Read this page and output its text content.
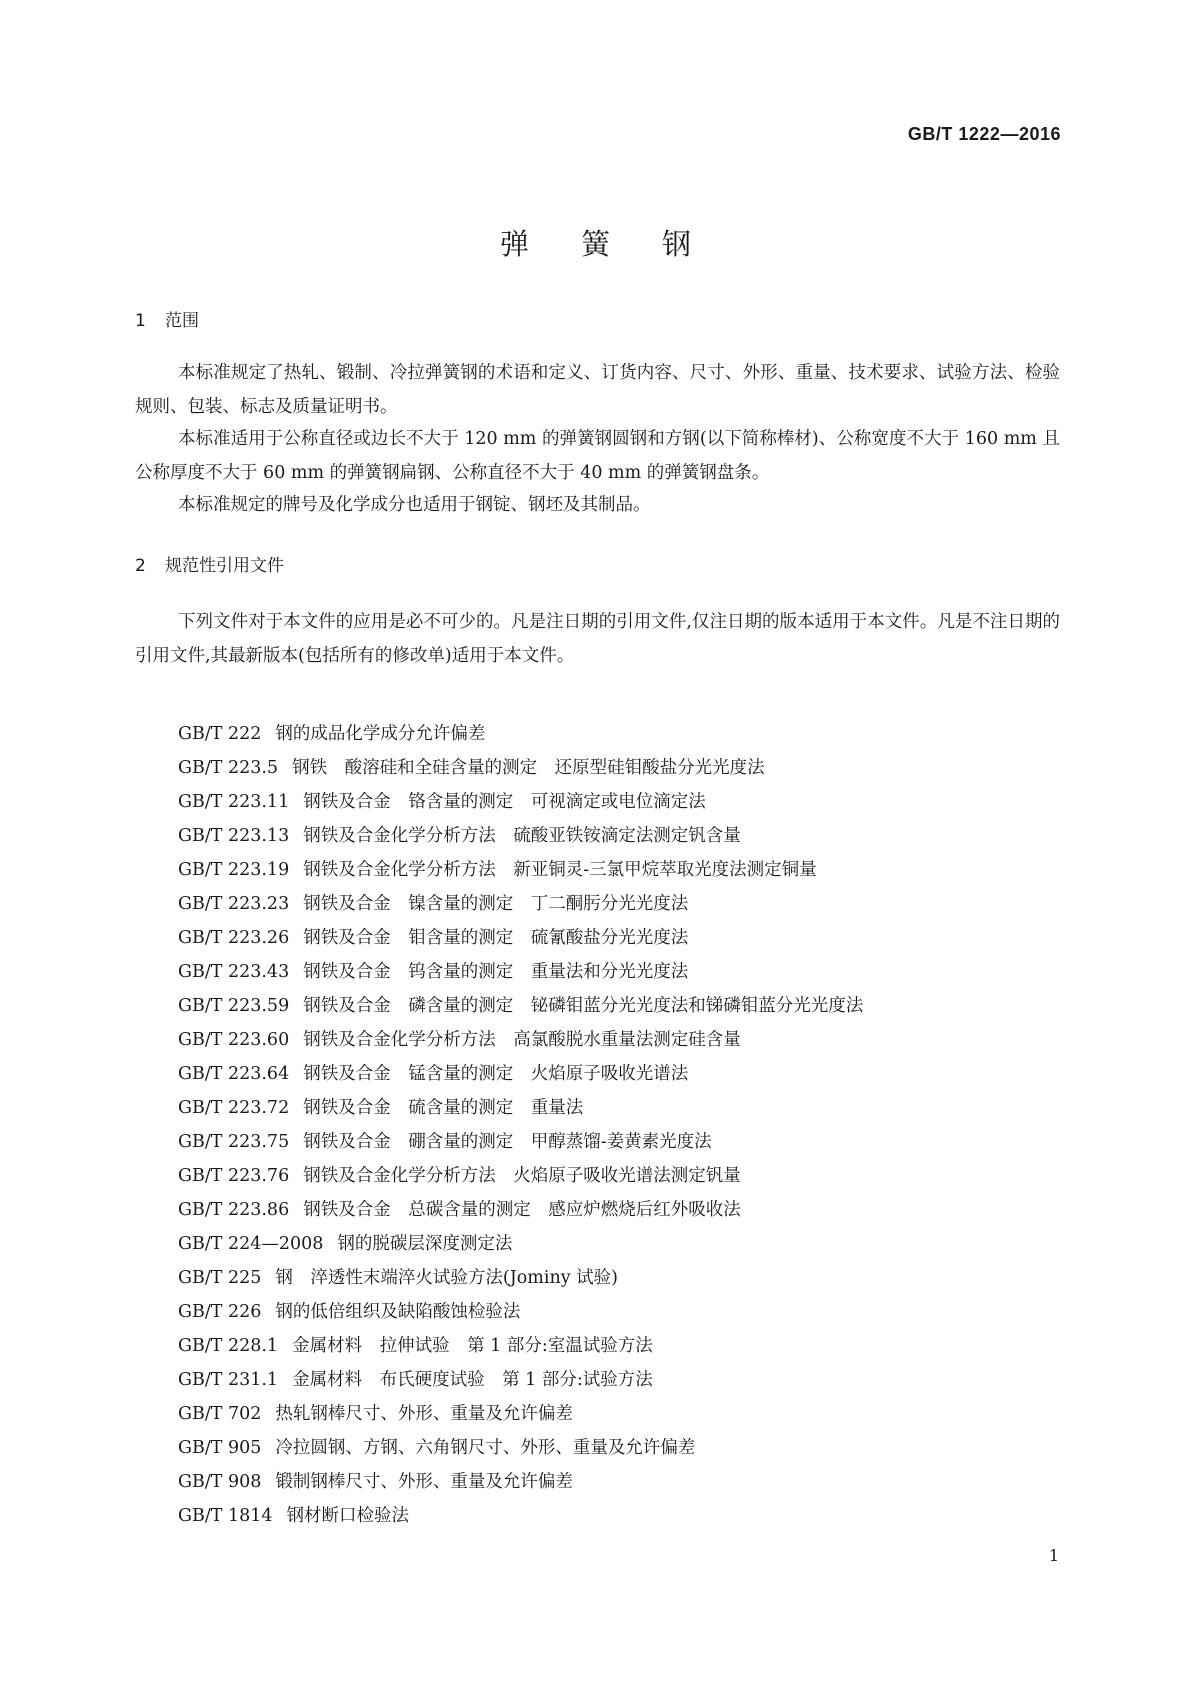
GB/T 1222—2016
弹簧钢
1 范围

本标准规定了热轧、锻制、冷拉弹簧钢的术语和定义、订货内容、尺寸、外形、重量、技术要求、试验方法、检验规则、包装、标志及质量证明书。

本标准适用于公称直径或边长不大于 120 mm 的弹簧钢圆钢和方钢(以下简称棒材)、公称宽度不大于 160 mm 且公称厚度不大于 60 mm 的弹簧钢扁钢、公称直径不大于 40 mm 的弹簧钢盘条。

本标准规定的牌号及化学成分也适用于钢锭、钢坯及其制品。

2 规范性引用文件

下列文件对于本文件的应用是必不可少的。凡是注日期的引用文件,仅注日期的版本适用于本文件。凡是不注日期的引用文件,其最新版本(包括所有的修改单)适用于本文件。

GB/T 222 钢的成品化学成分允许偏差
GB/T 223.5 钢铁　酸溶硅和全硅含量的测定　还原型硅钼酸盐分光光度法
GB/T 223.11 钢铁及合金　铬含量的测定　可视滴定或电位滴定法
GB/T 223.13 钢铁及合金化学分析方法　硫酸亚铁铵滴定法测定钒含量
GB/T 223.19 钢铁及合金化学分析方法　新亚铜灵-三氯甲烷萃取光度法测定铜量
GB/T 223.23 钢铁及合金　镍含量的测定　丁二酮肟分光光度法
GB/T 223.26 钢铁及合金　钼含量的测定　硫氰酸盐分光光度法
GB/T 223.43 钢铁及合金　钨含量的测定　重量法和分光光度法
GB/T 223.59 钢铁及合金　磷含量的测定　铋磷钼蓝分光光度法和锑磷钼蓝分光光度法
GB/T 223.60 钢铁及合金化学分析方法　高氯酸脱水重量法测定硅含量
GB/T 223.64 钢铁及合金　锰含量的测定　火焰原子吸收光谱法
GB/T 223.72 钢铁及合金　硫含量的测定　重量法
GB/T 223.75 钢铁及合金　硼含量的测定　甲醇蒸馏-姜黄素光度法
GB/T 223.76 钢铁及合金化学分析方法　火焰原子吸收光谱法测定钒量
GB/T 223.86 钢铁及合金　总碳含量的测定　感应炉燃烧后红外吸收法
GB/T 224—2008 钢的脱碳层深度测定法
GB/T 225 钢　淬透性末端淬火试验方法(Jominy 试验)
GB/T 226 钢的低倍组织及缺陷酸蚀检验法
GB/T 228.1 金属材料　拉伸试验　第 1 部分:室温试验方法
GB/T 231.1 金属材料　布氏硬度试验　第 1 部分:试验方法
GB/T 702 热轧钢棒尺寸、外形、重量及允许偏差
GB/T 905 冷拉圆钢、方钢、六角钢尺寸、外形、重量及允许偏差
GB/T 908 锻制钢棒尺寸、外形、重量及允许偏差
GB/T 1814 钢材断口检验法
1
